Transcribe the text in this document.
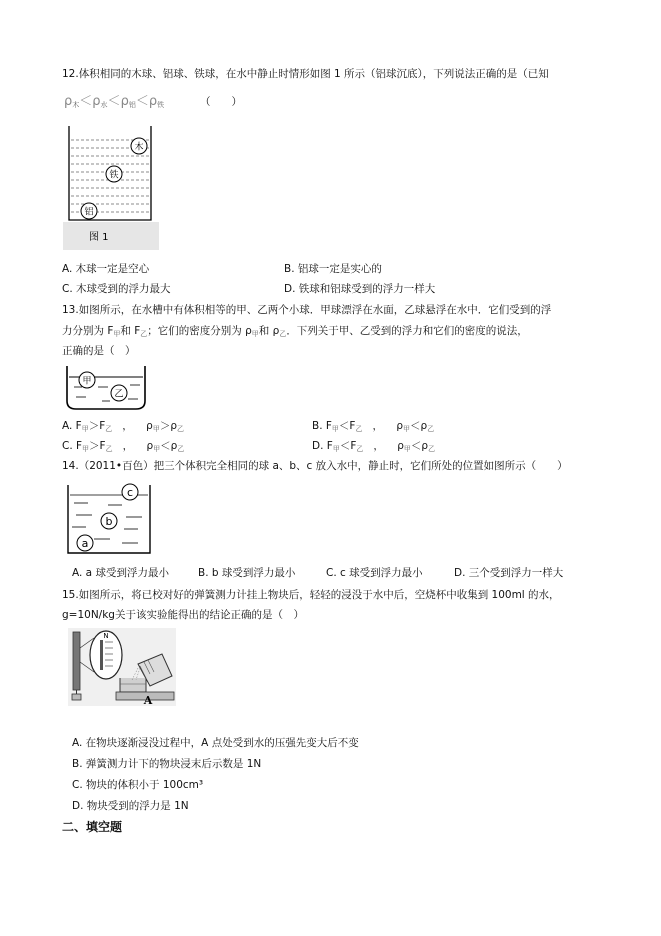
12.体积相同的木球、铝球、铁球，在水中静止时情形如图 1 所示（铝球沉底），下列说法正确的是（已知
$\rho_木<\rho_水<\rho_铝<\rho_铁$	（　　）
木
铁
铝
图 1
A. 木球一定是空心	B. 铝球一定是实心的
C. 木球受到的浮力最大	D. 铁球和铝球受到的浮力一样大
13.如图所示，在水槽中有体积相等的甲、乙两个小球．甲球漂浮在水面，乙球悬浮在水中．它们受到的浮
力分别为 $F_甲$和 $F_乙$；它们的密度分别为 $\rho_甲$和 $\rho_乙$．下列关于甲、乙受到的浮力和它们的密度的说法，
正确的是（　）
甲
乙
A. $F_甲>F_乙$ ， $\rho_甲>\rho_乙$	B. $F_甲<F_乙$ ， $\rho_甲<\rho_乙$
C. $F_甲>F_乙$ ， $\rho_甲<\rho_乙$	D. $F_甲<F_乙$ ， $\rho_甲<\rho_乙$
14.（2011•百色）把三个体积完全相同的球 a、b、c 放入水中，静止时，它们所处的位置如图所示（　　）
c
b
a
A. a 球受到浮力最小	B. b 球受到浮力最小	C. c 球受到浮力最小	D. 三个受到浮力一样大
15.如图所示，将已校对好的弹簧测力计挂上物块后，轻轻的浸没于水中后，空烧杯中收集到 100ml 的水，
g=10N/kg关于该实验能得出的结论正确的是（　）
N
A
A. 在物块逐渐浸没过程中，A 点处受到水的压强先变大后不变
B. 弹簧测力计下的物块浸末后示数是 1N
C. 物块的体积小于 100cm³
D. 物块受到的浮力是 1N
二、填空题
